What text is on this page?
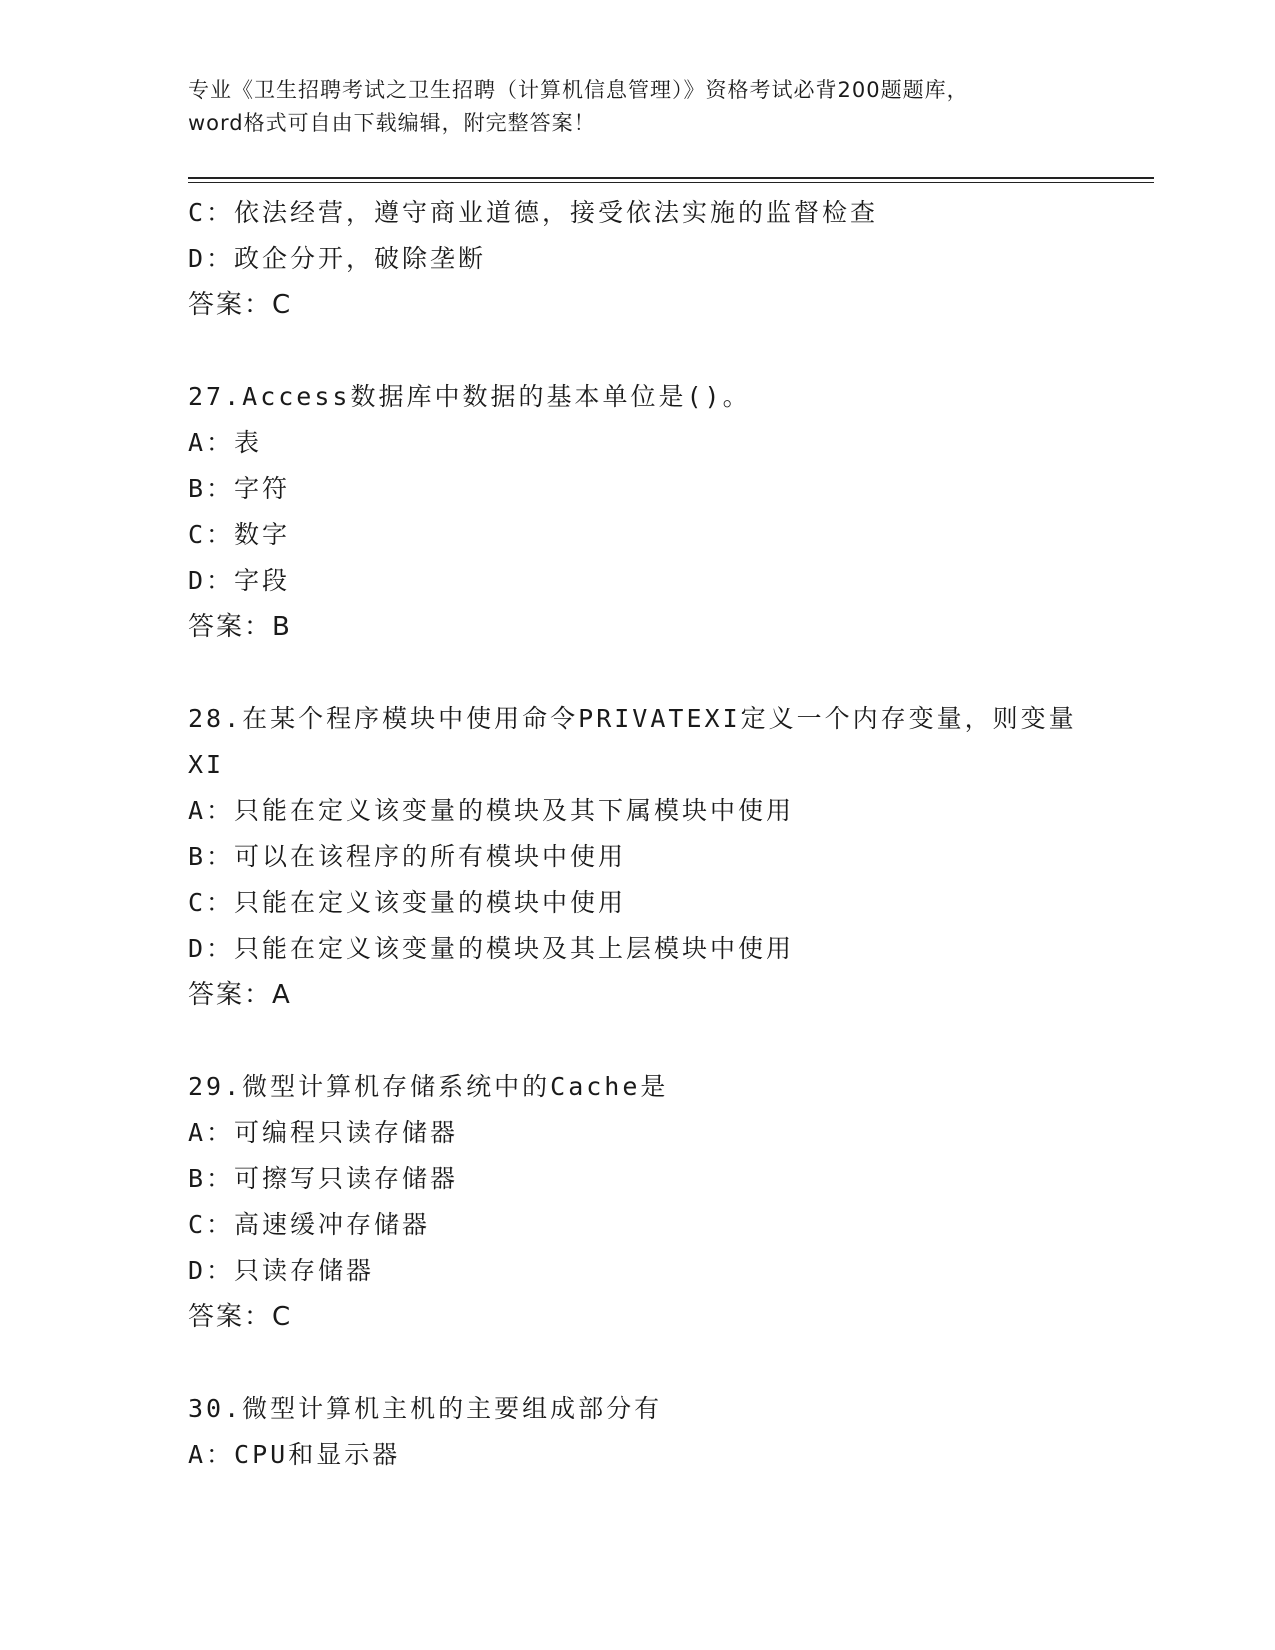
专业《卫生招聘考试之卫生招聘（计算机信息管理）》资格考试必背200题题库，
word格式可自由下载编辑，附完整答案！
C：依法经营，遵守商业道德，接受依法实施的监督检查
D：政企分开，破除垄断
答案：C
27.Access数据库中数据的基本单位是()。
A：表
B：字符
C：数字
D：字段
答案：B
28.在某个程序模块中使用命令PRIVATEXI定义一个内存变量，则变量
XI
A：只能在定义该变量的模块及其下属模块中使用
B：可以在该程序的所有模块中使用
C：只能在定义该变量的模块中使用
D：只能在定义该变量的模块及其上层模块中使用
答案：A
29.微型计算机存储系统中的Cache是
A：可编程只读存储器
B：可擦写只读存储器
C：高速缓冲存储器
D：只读存储器
答案：C
30.微型计算机主机的主要组成部分有
A：CPU和显示器
